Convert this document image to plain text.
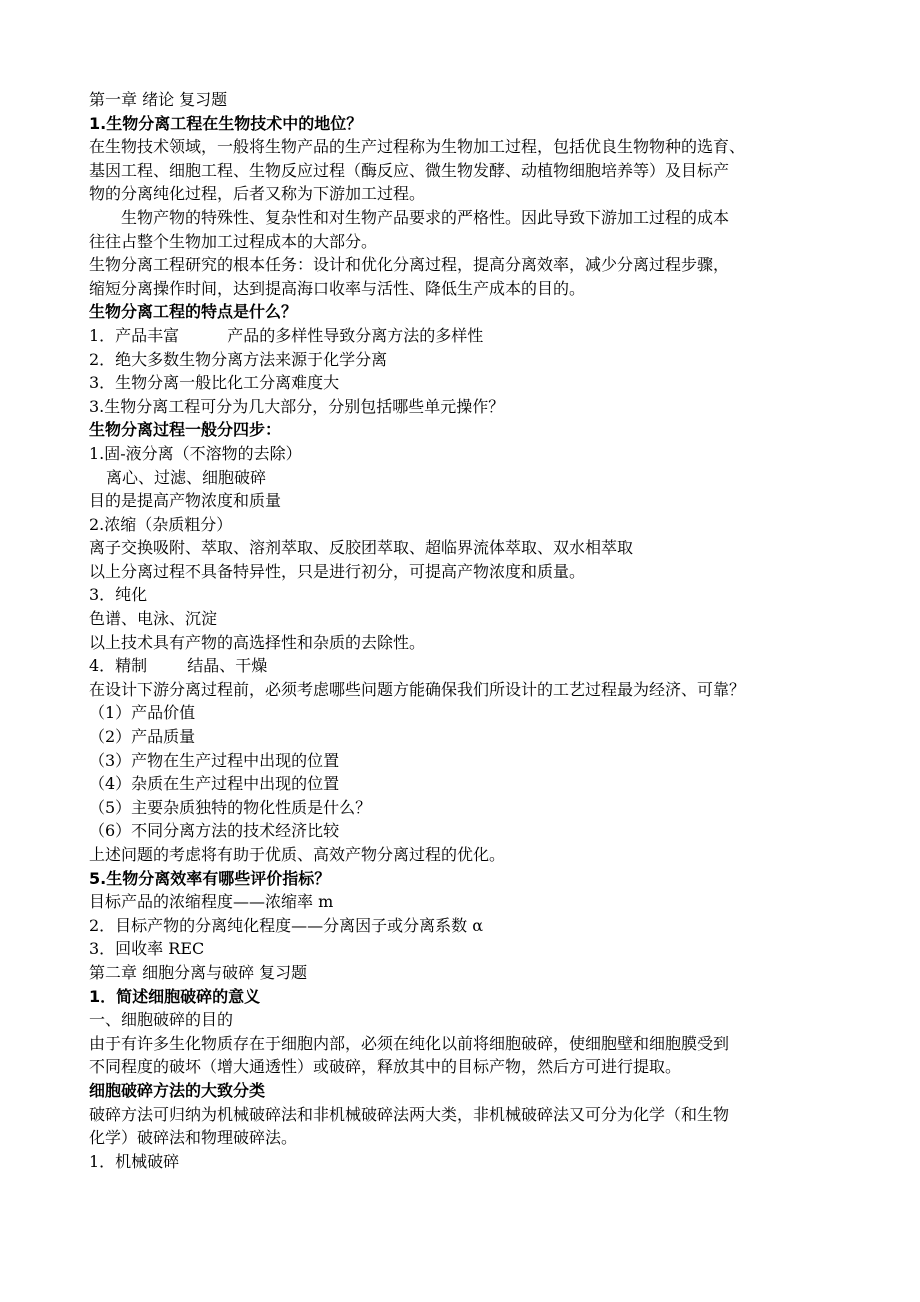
第一章 绪论 复习题
1.生物分离工程在生物技术中的地位？
在生物技术领域，一般将生物产品的生产过程称为生物加工过程，包括优良生物物种的选育、
基因工程、细胞工程、生物反应过程（酶反应、微生物发酵、动植物细胞培养等）及目标产
物的分离纯化过程，后者又称为下游加工过程。
生物产物的特殊性、复杂性和对生物产品要求的严格性。因此导致下游加工过程的成本
往往占整个生物加工过程成本的大部分。
生物分离工程研究的根本任务：设计和优化分离过程，提高分离效率，减少分离过程步骤，
缩短分离操作时间，达到提高海口收率与活性、降低生产成本的目的。
生物分离工程的特点是什么？
1．产品丰富	产品的多样性导致分离方法的多样性
2．绝大多数生物分离方法来源于化学分离
3．生物分离一般比化工分离难度大
3.生物分离工程可分为几大部分，分别包括哪些单元操作？
生物分离过程一般分四步：
1.固-液分离（不溶物的去除）
离心、过滤、细胞破碎
目的是提高产物浓度和质量
2.浓缩（杂质粗分）
离子交换吸附、萃取、溶剂萃取、反胶团萃取、超临界流体萃取、双水相萃取
以上分离过程不具备特异性，只是进行初分，可提高产物浓度和质量。
3．纯化
色谱、电泳、沉淀
以上技术具有产物的高选择性和杂质的去除性。
4．精制	结晶、干燥
在设计下游分离过程前，必须考虑哪些问题方能确保我们所设计的工艺过程最为经济、可靠？
（1）产品价值
（2）产品质量
（3）产物在生产过程中出现的位置
（4）杂质在生产过程中出现的位置
（5）主要杂质独特的物化性质是什么？
（6）不同分离方法的技术经济比较
上述问题的考虑将有助于优质、高效产物分离过程的优化。
5.生物分离效率有哪些评价指标？
目标产品的浓缩程度——浓缩率 m
2．目标产物的分离纯化程度——分离因子或分离系数 α
3．回收率 REC
第二章 细胞分离与破碎 复习题
1．简述细胞破碎的意义
一、细胞破碎的目的
由于有许多生化物质存在于细胞内部，必须在纯化以前将细胞破碎，使细胞壁和细胞膜受到
不同程度的破坏（增大通透性）或破碎，释放其中的目标产物，然后方可进行提取。
细胞破碎方法的大致分类
破碎方法可归纳为机械破碎法和非机械破碎法两大类，非机械破碎法又可分为化学（和生物
化学）破碎法和物理破碎法。
1．机械破碎
